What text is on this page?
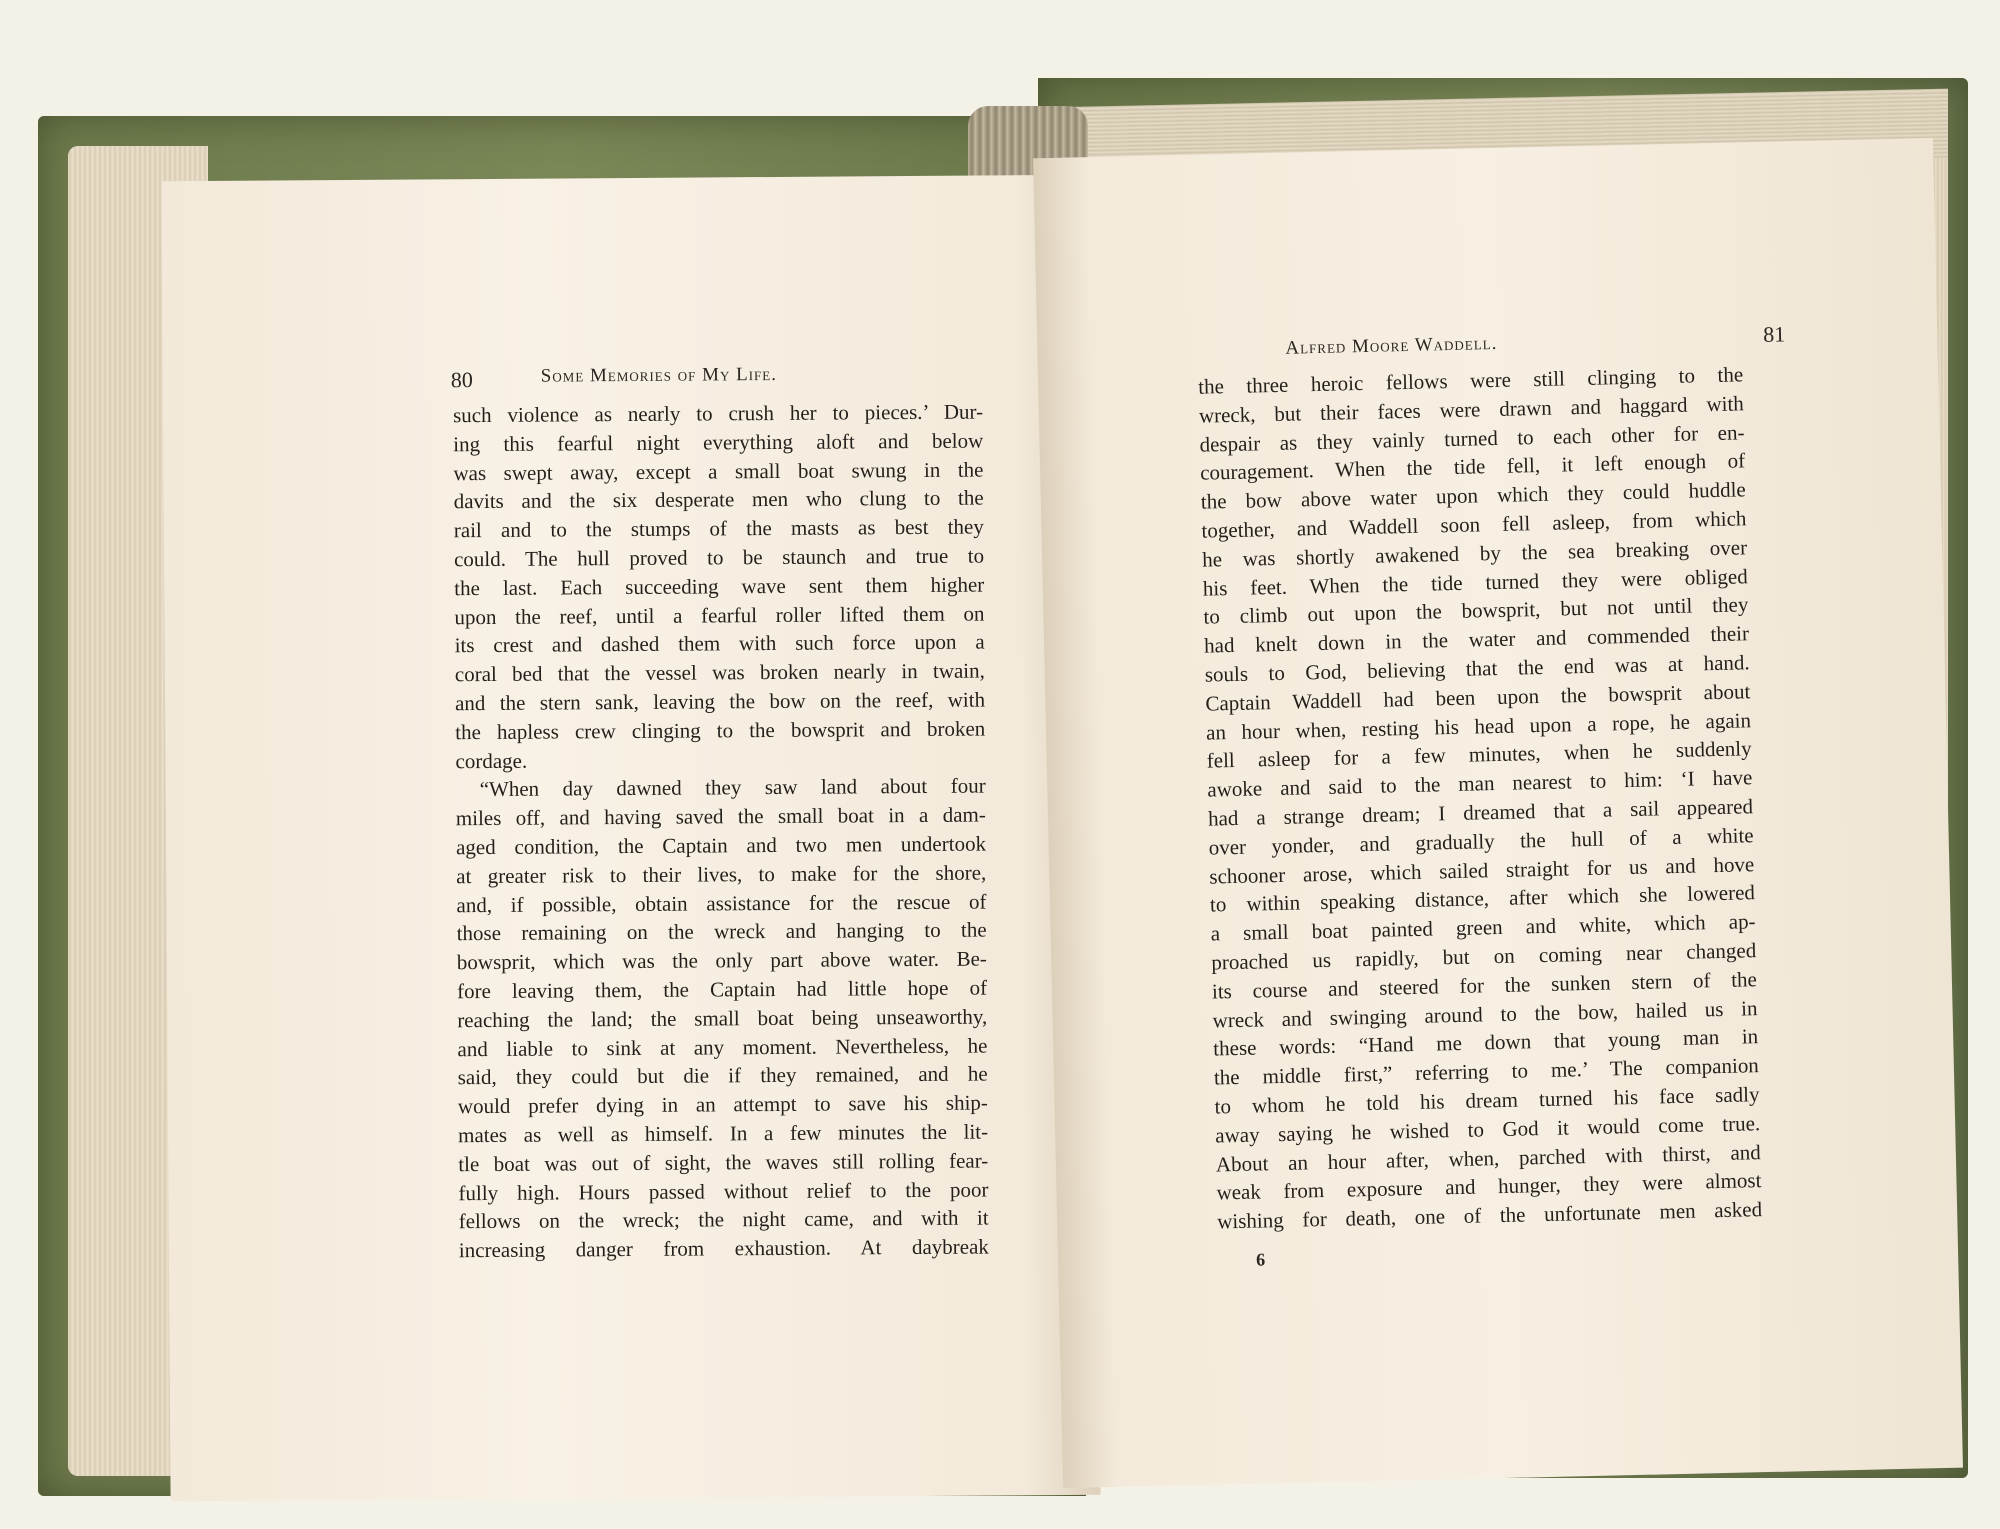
80	Some Memories of My Life.
such violence as nearly to crush her to pieces.’ Dur-
ing this fearful night everything aloft and below
was swept away, except a small boat swung in the
davits and the six desperate men who clung to the
rail and to the stumps of the masts as best they
could. The hull proved to be staunch and true to
the last. Each succeeding wave sent them higher
upon the reef, until a fearful roller lifted them on
its crest and dashed them with such force upon a
coral bed that the vessel was broken nearly in twain,
and the stern sank, leaving the bow on the reef, with
the hapless crew clinging to the bowsprit and broken
cordage.
“When day dawned they saw land about four
miles off, and having saved the small boat in a dam-
aged condition, the Captain and two men undertook
at greater risk to their lives, to make for the shore,
and, if possible, obtain assistance for the rescue of
those remaining on the wreck and hanging to the
bowsprit, which was the only part above water. Be-
fore leaving them, the Captain had little hope of
reaching the land; the small boat being unseaworthy,
and liable to sink at any moment. Nevertheless, he
said, they could but die if they remained, and he
would prefer dying in an attempt to save his ship-
mates as well as himself. In a few minutes the lit-
tle boat was out of sight, the waves still rolling fear-
fully high. Hours passed without relief to the poor
fellows on the wreck; the night came, and with it
increasing danger from exhaustion. At daybreak
Alfred Moore Waddell.	81
the three heroic fellows were still clinging to the
wreck, but their faces were drawn and haggard with
despair as they vainly turned to each other for en-
couragement. When the tide fell, it left enough of
the bow above water upon which they could huddle
together, and Waddell soon fell asleep, from which
he was shortly awakened by the sea breaking over
his feet. When the tide turned they were obliged
to climb out upon the bowsprit, but not until they
had knelt down in the water and commended their
souls to God, believing that the end was at hand.
Captain Waddell had been upon the bowsprit about
an hour when, resting his head upon a rope, he again
fell asleep for a few minutes, when he suddenly
awoke and said to the man nearest to him: ‘I have
had a strange dream; I dreamed that a sail appeared
over yonder, and gradually the hull of a white
schooner arose, which sailed straight for us and hove
to within speaking distance, after which she lowered
a small boat painted green and white, which ap-
proached us rapidly, but on coming near changed
its course and steered for the sunken stern of the
wreck and swinging around to the bow, hailed us in
these words: “Hand me down that young man in
the middle first,” referring to me.’ The companion
to whom he told his dream turned his face sadly
away saying he wished to God it would come true.
About an hour after, when, parched with thirst, and
weak from exposure and hunger, they were almost
wishing for death, one of the unfortunate men asked
6
